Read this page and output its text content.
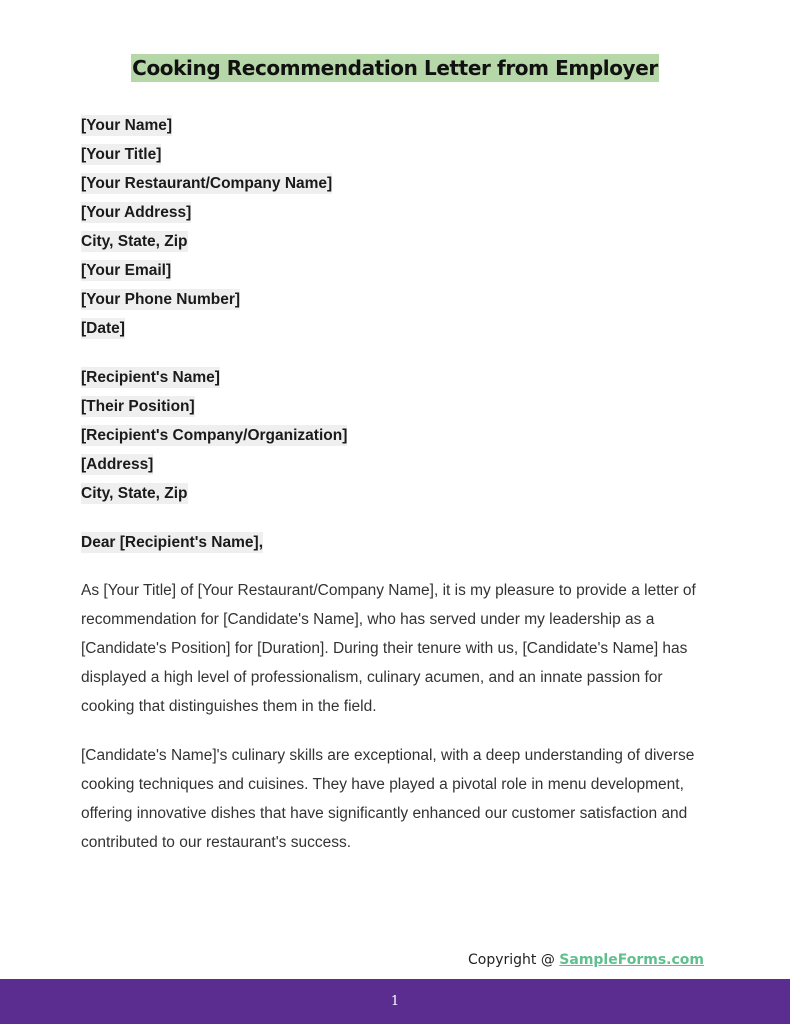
Cooking Recommendation Letter from Employer
[Your Name]
[Your Title]
[Your Restaurant/Company Name]
[Your Address]
City, State, Zip
[Your Email]
[Your Phone Number]
[Date]
[Recipient's Name]
[Their Position]
[Recipient's Company/Organization]
[Address]
City, State, Zip
Dear [Recipient's Name],
As [Your Title] of [Your Restaurant/Company Name], it is my pleasure to provide a letter of recommendation for [Candidate's Name], who has served under my leadership as a [Candidate's Position] for [Duration]. During their tenure with us, [Candidate's Name] has displayed a high level of professionalism, culinary acumen, and an innate passion for cooking that distinguishes them in the field.
[Candidate's Name]'s culinary skills are exceptional, with a deep understanding of diverse cooking techniques and cuisines. They have played a pivotal role in menu development, offering innovative dishes that have significantly enhanced our customer satisfaction and contributed to our restaurant's success.
Copyright @ SampleForms.com
1
